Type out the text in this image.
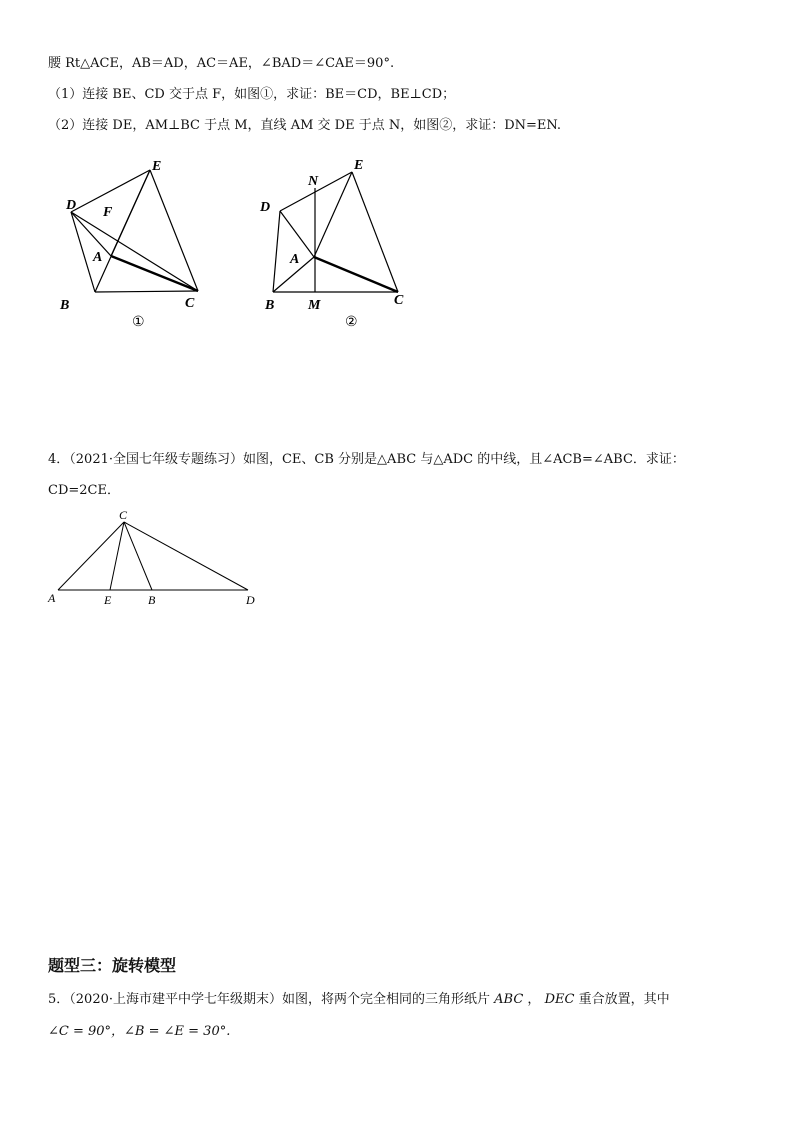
腰 Rt△ACE，AB＝AD，AC＝AE，∠BAD＝∠CAE＝90°.
（1）连接 BE、CD 交于点 F，如图①，求证：BE＝CD，BE⊥CD；
（2）连接 DE，AM⊥BC 于点 M，直线 AM 交 DE 于点 N，如图②，求证：DN=EN.
E
D F
A
B	C
①
N
E
D
A
B M	C
②
4．（2021·全国七年级专题练习）如图，CE、CB 分别是△ABC 与△ADC 的中线，且∠ACB=∠ABC．求证：
CD=2CE．
C
A	E	B	D
题型三：旋转模型
5．（2020·上海市建平中学七年级期末）如图，将两个完全相同的三角形纸片 ABC ， DEC 重合放置，其中
∠C = 90°，∠B = ∠E = 30°.
